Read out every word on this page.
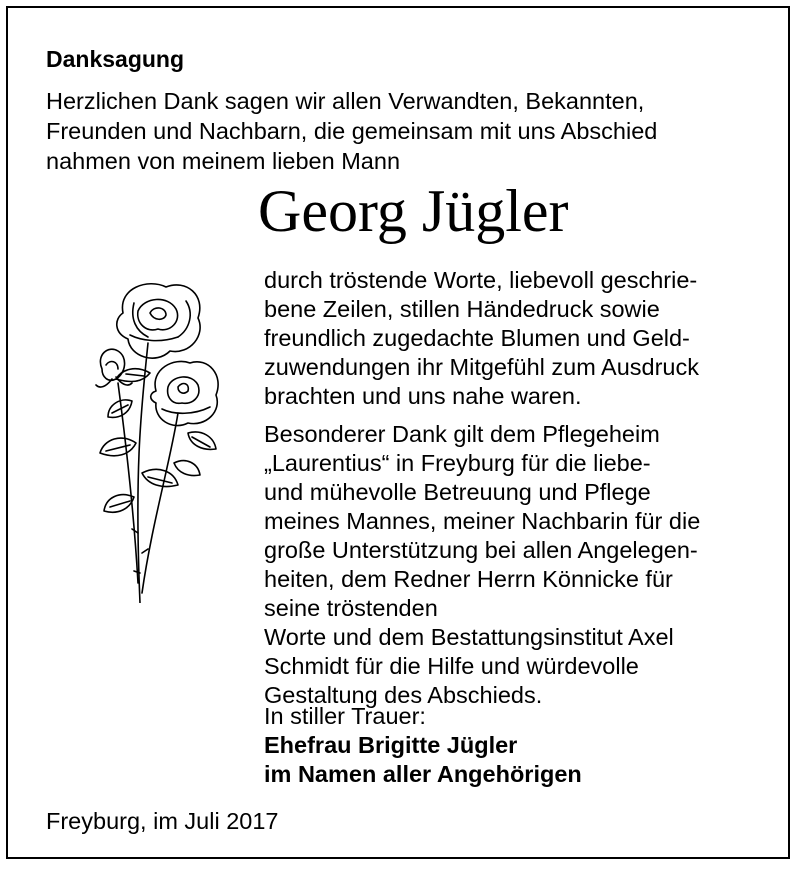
Danksagung

Herzlichen Dank sagen wir allen Verwandten, Bekannten,
Freunden und Nachbarn, die gemeinsam mit uns Abschied
nahmen von meinem lieben Mann

Georg Jügler

durch tröstende Worte, liebevoll geschrie-
bene Zeilen, stillen Händedruck sowie
freundlich zugedachte Blumen und Geld-
zuwendungen ihr Mitgefühl zum Ausdruck
brachten und uns nahe waren.
Besonderer Dank gilt dem Pflegeheim
„Laurentius“ in Freyburg für die liebe-
und mühevolle Betreuung und Pflege
meines Mannes, meiner Nachbarin für die
große Unterstützung bei allen Angelegen-
heiten, dem Redner Herrn Könnicke für
seine tröstenden
Worte und dem Bestattungsinstitut Axel
Schmidt für die Hilfe und würdevolle
Gestaltung des Abschieds.

In stiller Trauer:

Ehefrau Brigitte Jügler
im Namen aller Angehörigen

Freyburg, im Juli 2017
